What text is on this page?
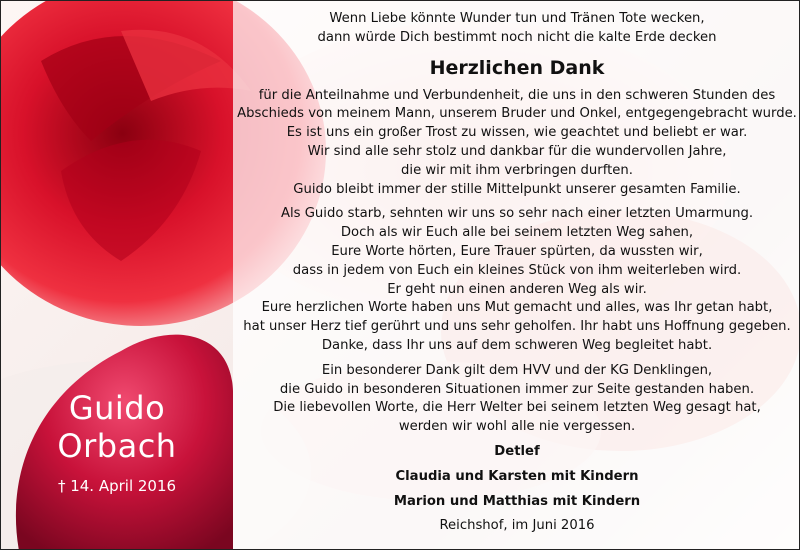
Wenn Liebe könnte Wunder tun und Tränen Tote wecken,
dann würde Dich bestimmt noch nicht die kalte Erde decken
Herzlichen Dank
für die Anteilnahme und Verbundenheit, die uns in den schweren Stunden des
Abschieds von meinem Mann, unserem Bruder und Onkel, entgegengebracht wurde.
Es ist uns ein großer Trost zu wissen, wie geachtet und beliebt er war.
Wir sind alle sehr stolz und dankbar für die wundervollen Jahre,
die wir mit ihm verbringen durften.
Guido bleibt immer der stille Mittelpunkt unserer gesamten Familie.
Als Guido starb, sehnten wir uns so sehr nach einer letzten Umarmung.
Doch als wir Euch alle bei seinem letzten Weg sahen,
Eure Worte hörten, Eure Trauer spürten, da wussten wir,
dass in jedem von Euch ein kleines Stück von ihm weiterleben wird.
Er geht nun einen anderen Weg als wir.
Eure herzlichen Worte haben uns Mut gemacht und alles, was Ihr getan habt,
hat unser Herz tief gerührt und uns sehr geholfen. Ihr habt uns Hoffnung gegeben.
Danke, dass Ihr uns auf dem schweren Weg begleitet habt.
Ein besonderer Dank gilt dem HVV und der KG Denklingen,
die Guido in besonderen Situationen immer zur Seite gestanden haben.
Die liebevollen Worte, die Herr Welter bei seinem letzten Weg gesagt hat,
werden wir wohl alle nie vergessen.
Detlef
Claudia und Karsten mit Kindern
Marion und Matthias mit Kindern
Reichshof, im Juni 2016
Guido
Orbach
† 14. April 2016
